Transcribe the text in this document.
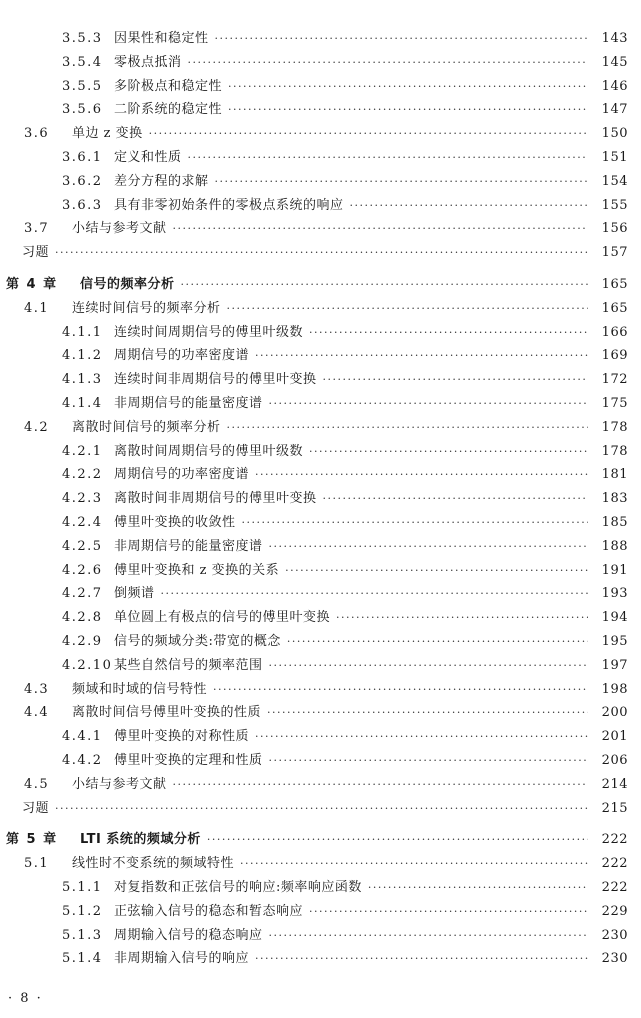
3.5.3 因果性和稳定性 ·····	143
3.5.4 零极点抵消 ·····	145
3.5.5 多阶极点和稳定性 ·····	146
3.5.6 二阶系统的稳定性 ·····	147
3.6	单边 z 变换 ·····	150
3.6.1 定义和性质 ·····	151
3.6.2 差分方程的求解 ·····	154
3.6.3 具有非零初始条件的零极点系统的响应 ·····	155
3.7	小结与参考文献 ·····	156
习题 ·····	157
第 4 章	信号的频率分析 ·····	165
4.1	连续时间信号的频率分析 ·····	165
4.1.1 连续时间周期信号的傅里叶级数 ·····	166
4.1.2 周期信号的功率密度谱 ·····	169
4.1.3 连续时间非周期信号的傅里叶变换 ·····	172
4.1.4 非周期信号的能量密度谱 ·····	175
4.2	离散时间信号的频率分析 ·····	178
4.2.1 离散时间周期信号的傅里叶级数 ·····	178
4.2.2 周期信号的功率密度谱 ·····	181
4.2.3 离散时间非周期信号的傅里叶变换 ·····	183
4.2.4 傅里叶变换的收敛性 ·····	185
4.2.5 非周期信号的能量密度谱 ·····	188
4.2.6 傅里叶变换和 z 变换的关系 ·····	191
4.2.7 倒频谱 ·····	193
4.2.8 单位圆上有极点的信号的傅里叶变换 ·····	194
4.2.9 信号的频域分类:带宽的概念 ·····	195
4.2.10 某些自然信号的频率范围 ·····	197
4.3	频域和时域的信号特性 ·····	198
4.4	离散时间信号傅里叶变换的性质 ·····	200
4.4.1 傅里叶变换的对称性质 ·····	201
4.4.2 傅里叶变换的定理和性质 ·····	206
4.5	小结与参考文献 ·····	214
习题 ·····	215
第 5 章	LTI 系统的频域分析 ·····	222
5.1	线性时不变系统的频域特性 ·····	222
5.1.1 对复指数和正弦信号的响应:频率响应函数 ·····	222
5.1.2 正弦输入信号的稳态和暂态响应 ·····	229
5.1.3 周期输入信号的稳态响应 ·····	230
5.1.4 非周期输入信号的响应 ·····	230
· 8 ·
